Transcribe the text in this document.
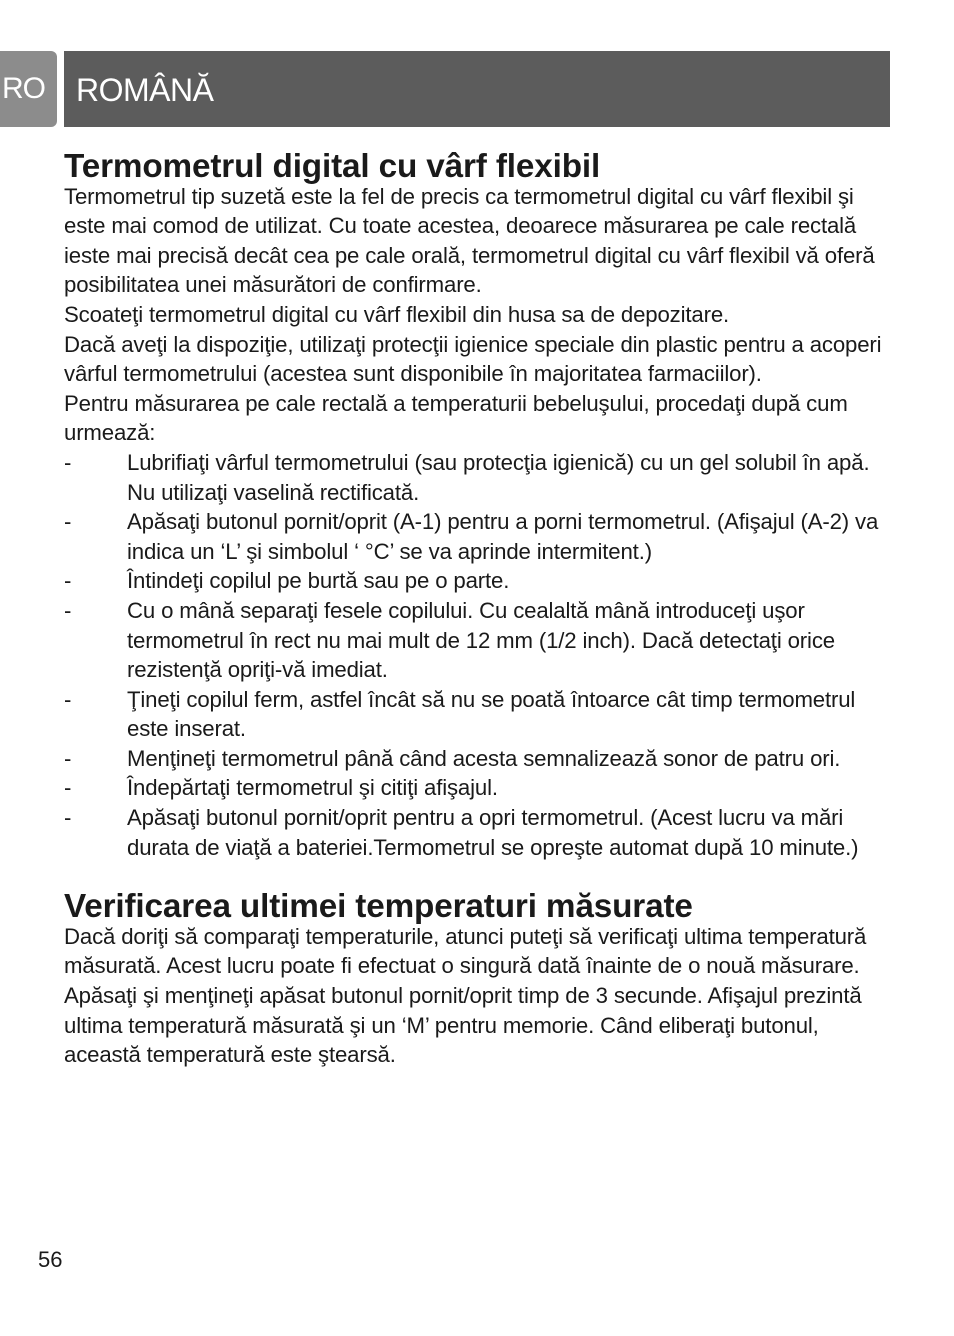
RO ROMÂNĂ
Termometrul digital cu vârf flexibil

Termometrul tip suzetă este la fel de precis ca termometrul digital cu vârf flexibil şi este mai comod de utilizat. Cu toate acestea, deoarece măsurarea pe cale rectală ieste mai precisă decât cea pe cale orală, termometrul digital cu vârf flexibil vă oferă posibilitatea unei măsurători de confirmare.

Scoateţi termometrul digital cu vârf flexibil din husa sa de depozitare.

Dacă aveţi la dispoziţie, utilizaţi protecţii igienice speciale din plastic pentru a acoperi vârful termometrului (acestea sunt disponibile în majoritatea farmaciilor).

Pentru măsurarea pe cale rectală a temperaturii bebeluşului, procedaţi după cum urmează:

-	Lubrifiaţi vârful termometrului (sau protecţia igienică) cu un gel solubil în apă. Nu utilizaţi vaselină rectificată.
-	Apăsaţi butonul pornit/oprit (A-1) pentru a porni termometrul. (Afişajul (A-2) va indica un ‘L’ şi simbolul ‘ °C’ se va aprinde intermitent.)
-	Întindeţi copilul pe burtă sau pe o parte.
-	Cu o mână separaţi fesele copilului. Cu cealaltă mână introduceţi uşor termometrul în rect nu mai mult de 12 mm (1/2 inch). Dacă detectaţi orice rezistenţă opriţi-vă imediat.
-	Ţineţi copilul ferm, astfel încât să nu se poată întoarce cât timp termometrul este inserat.
-	Menţineţi termometrul până când acesta semnalizează sonor de patru ori.
-	Îndepărtaţi termometrul şi citiţi afişajul.
-	Apăsaţi butonul pornit/oprit pentru a opri termometrul. (Acest lucru va mări durata de viaţă a bateriei.Termometrul se opreşte automat după 10 minute.)
Verificarea ultimei temperaturi măsurate

Dacă doriţi să comparaţi temperaturile, atunci puteţi să verificaţi ultima temperatură măsurată. Acest lucru poate fi efectuat o singură dată înainte de o nouă măsurare. Apăsaţi şi menţineţi apăsat butonul pornit/oprit timp de 3 secunde. Afişajul prezintă ultima temperatură măsurată şi un ‘M’ pentru memorie. Când eliberaţi butonul, această temperatură este ştearsă.

56
